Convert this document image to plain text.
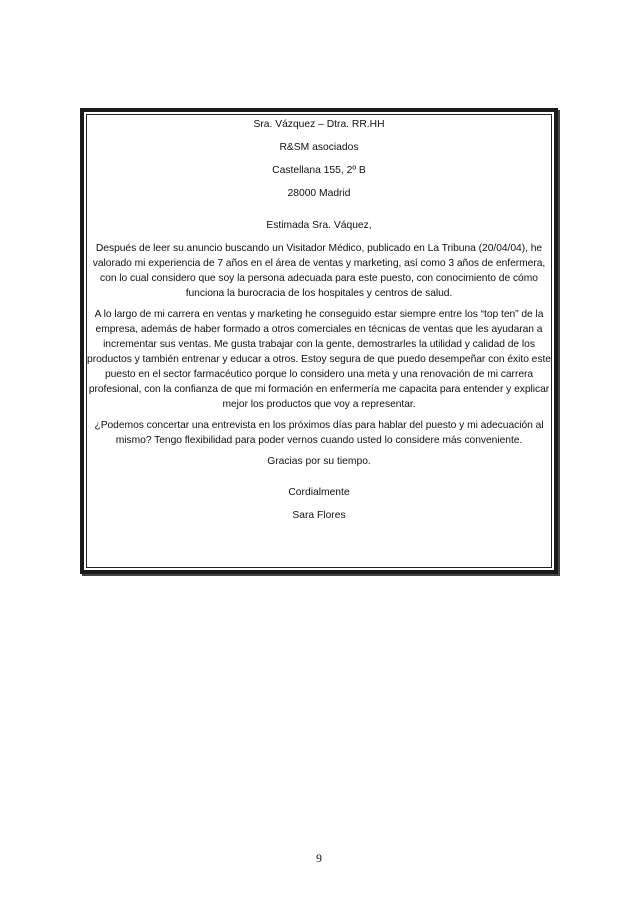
Sra. Vázquez – Dtra. RR.HH

R&SM asociados

Castellana 155, 2º B

28000 Madrid

Estimada Sra. Váquez,

Después de leer su anuncio buscando un Visitador Médico, publicado en La Tribuna (20/04/04), he valorado mi experiencia de 7 años en el área de ventas y marketing, así como 3 años de enfermera, con lo cual considero que soy la persona adecuada para este puesto, con conocimiento de cómo funciona la burocracia de los hospitales y centros de salud.

A lo largo de mi carrera en ventas y marketing he conseguido estar siempre entre los “top ten” de la empresa, además de haber formado a otros comerciales en técnicas de ventas que les ayudaran a incrementar sus ventas. Me gusta trabajar con la gente, demostrarles la utilidad y calidad de los productos y también entrenar y educar a otros. Estoy segura de que puedo desempeñar con éxito este puesto en el sector farmacéutico porque lo considero una meta y una renovación de mi carrera profesional, con la confianza de que mi formación en enfermería me capacita para entender y explicar mejor los productos que voy a representar.

¿Podemos concertar una entrevista en los próximos días para hablar del puesto y mi adecuación al mismo? Tengo flexibilidad para poder vernos cuando usted lo considere más conveniente.

Gracias por su tiempo.

Cordialmente

Sara Flores

9
